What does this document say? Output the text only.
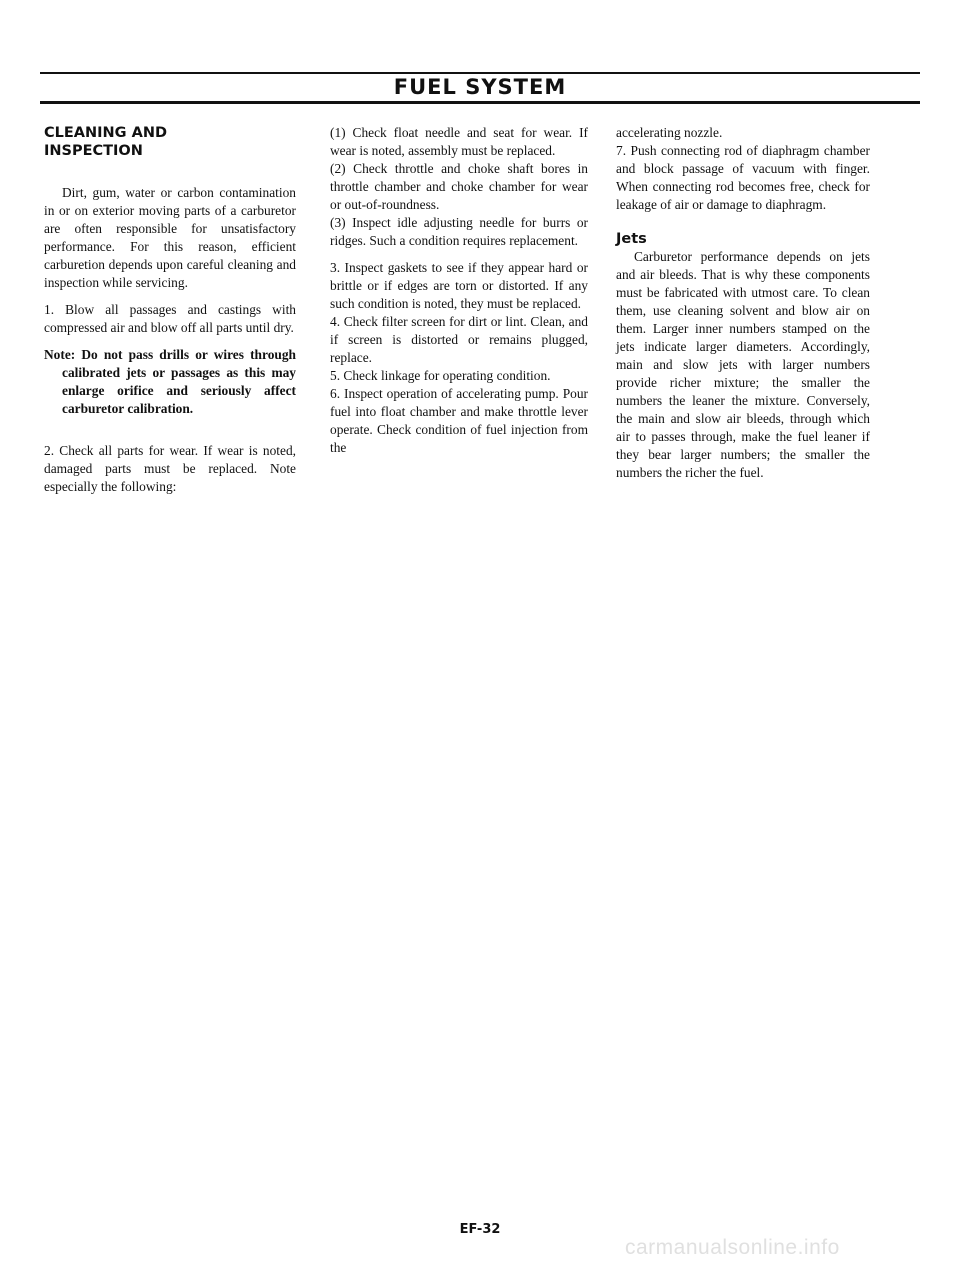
FUEL SYSTEM
CLEANING AND
INSPECTION

Dirt, gum, water or carbon contamination in or on exterior moving parts of a carburetor are often responsible for unsatisfactory performance. For this reason, efficient carburetion depends upon careful cleaning and inspection while servicing.

1. Blow all passages and castings with compressed air and blow off all parts until dry.

Note: Do not pass drills or wires through calibrated jets or passages as this may enlarge orifice and seriously affect carburetor calibration.

2. Check all parts for wear. If wear is noted, damaged parts must be replaced. Note especially the following:

(1) Check float needle and seat for wear. If wear is noted, assembly must be replaced.

(2) Check throttle and choke shaft bores in throttle chamber and choke chamber for wear or out-of-roundness.

(3) Inspect idle adjusting needle for burrs or ridges. Such a condition requires replacement.

3. Inspect gaskets to see if they appear hard or brittle or if edges are torn or distorted. If any such condition is noted, they must be replaced.

4. Check filter screen for dirt or lint. Clean, and if screen is distorted or remains plugged, replace.

5. Check linkage for operating condition.

6. Inspect operation of accelerating pump. Pour fuel into float chamber and make throttle lever operate. Check condition of fuel injection from the

accelerating nozzle.

7. Push connecting rod of diaphragm chamber and block passage of vacuum with finger. When connecting rod becomes free, check for leakage of air or damage to diaphragm.

Jets

Carburetor performance depends on jets and air bleeds. That is why these components must be fabricated with utmost care. To clean them, use cleaning solvent and blow air on them. Larger inner numbers stamped on the jets indicate larger diameters. Accordingly, main and slow jets with larger numbers provide richer mixture; the smaller the numbers the leaner the mixture. Conversely, the main and slow air bleeds, through which air to passes through, make the fuel leaner if they bear larger numbers; the smaller the numbers the richer the fuel.

EF-32
carmanualsonline.info
